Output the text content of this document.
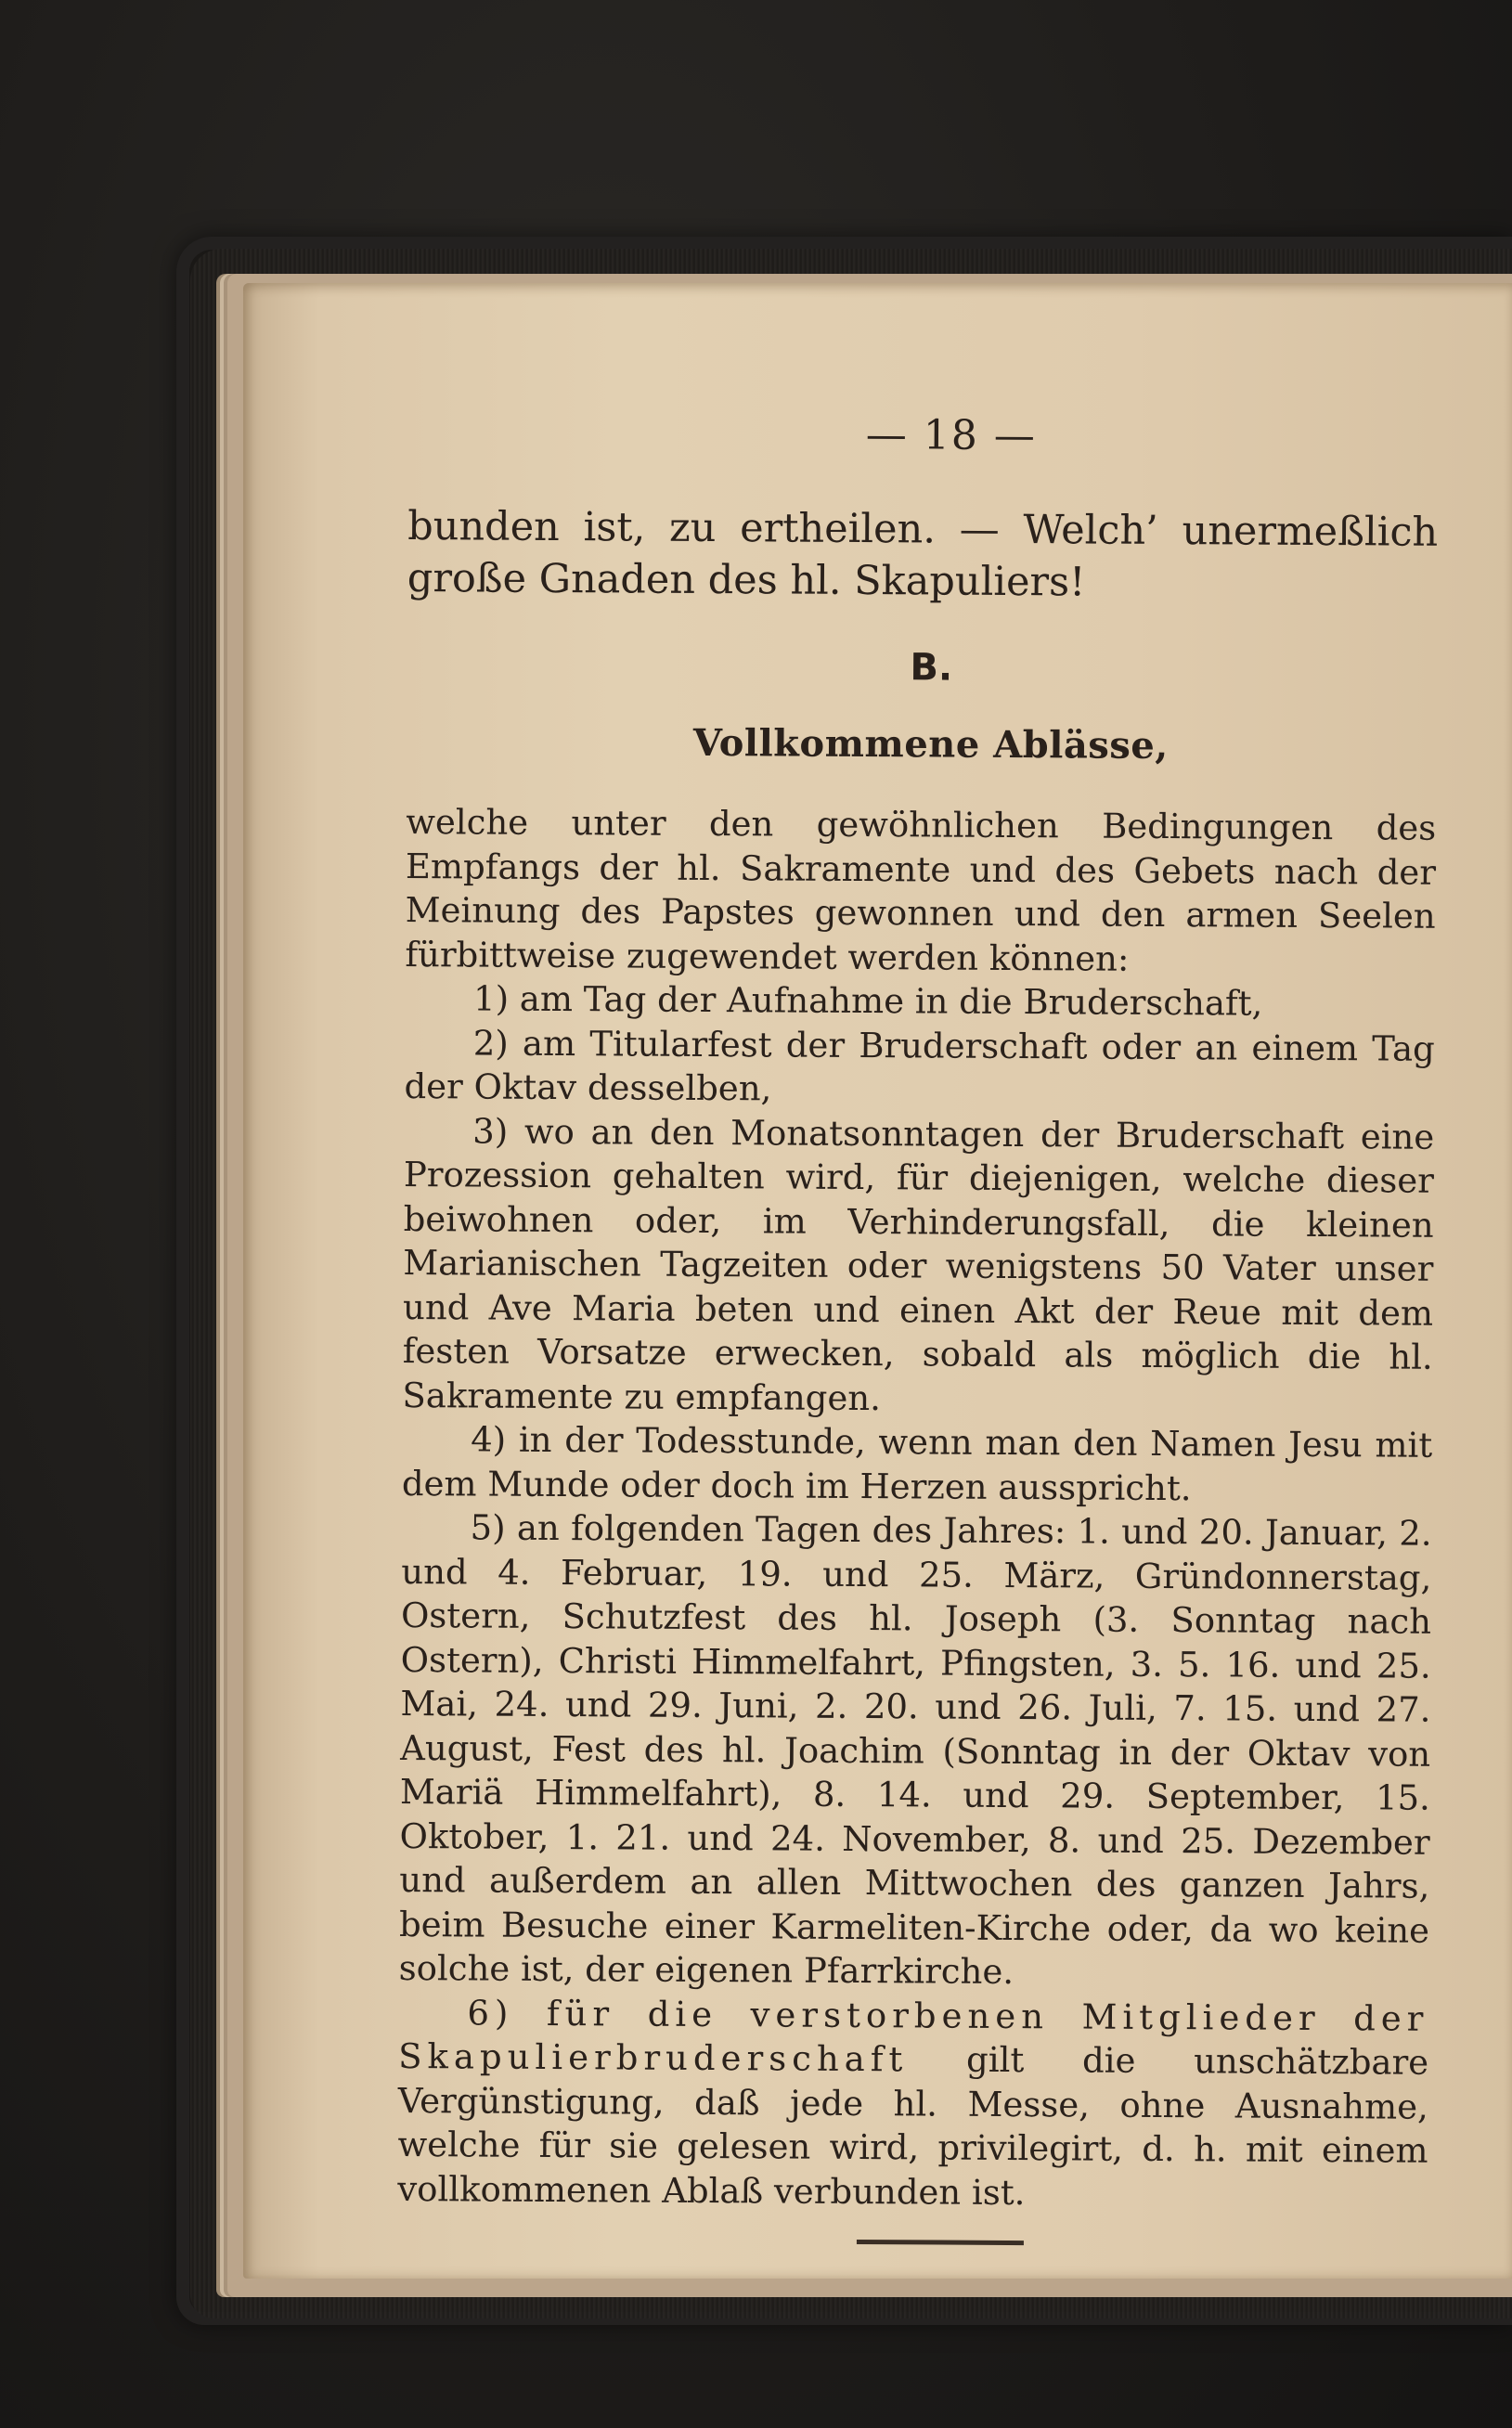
— 18 —

bunden ist, zu ertheilen. — Welch’ unermeßlich große Gnaden des hl. Skapuliers!

B.
Vollkommene Ablässe,

welche unter den gewöhnlichen Bedingungen des Empfangs der hl. Sakramente und des Gebets nach der Meinung des Papstes gewonnen und den armen Seelen fürbittweise zugewendet werden können:

1) am Tag der Aufnahme in die Bruderschaft,

2) am Titularfest der Bruderschaft oder an einem Tag der Oktav desselben,

3) wo an den Monatsonntagen der Bruderschaft eine Prozession gehalten wird, für diejenigen, welche dieser beiwohnen oder, im Verhinderungsfall, die kleinen Marianischen Tagzeiten oder wenigstens 50 Vater unser und Ave Maria beten und einen Akt der Reue mit dem festen Vorsatze erwecken, sobald als möglich die hl. Sakramente zu empfangen.

4) in der Todesstunde, wenn man den Namen Jesu mit dem Munde oder doch im Herzen ausspricht.

5) an folgenden Tagen des Jahres: 1. und 20. Januar, 2. und 4. Februar, 19. und 25. März, Gründonnerstag, Ostern, Schutzfest des hl. Joseph (3. Sonntag nach Ostern), Christi Himmelfahrt, Pfingsten, 3. 5. 16. und 25. Mai, 24. und 29. Juni, 2. 20. und 26. Juli, 7. 15. und 27. August, Fest des hl. Joachim (Sonntag in der Oktav von Mariä Himmelfahrt), 8. 14. und 29. September, 15. Oktober, 1. 21. und 24. November, 8. und 25. Dezember und außerdem an allen Mittwochen des ganzen Jahrs, beim Besuche einer Karmeliten-Kirche oder, da wo keine solche ist, der eigenen Pfarrkirche.

6) für die verstorbenen Mitglieder der Skapulierbruderschaft gilt die unschätzbare Vergünstigung, daß jede hl. Messe, ohne Ausnahme, welche für sie gelesen wird, privilegirt, d. h. mit einem vollkommenen Ablaß verbunden ist.
